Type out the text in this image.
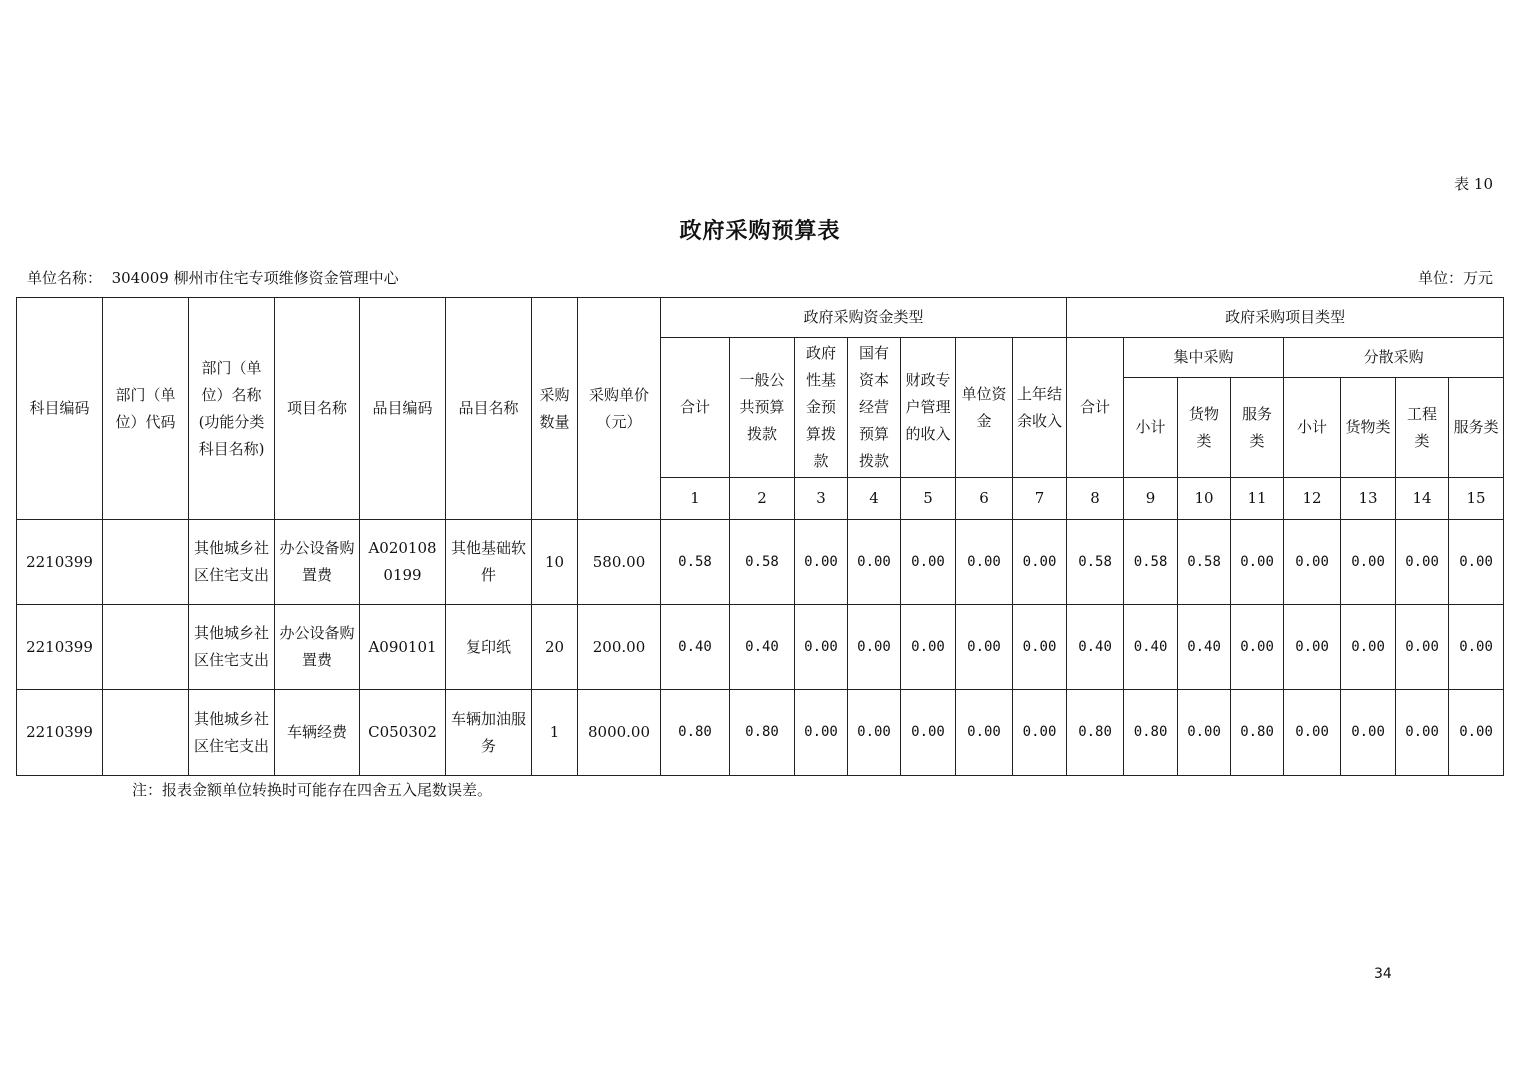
表 10
政府采购预算表
单位名称： 304009 柳州市住宅专项维修资金管理中心	单位：万元
科目编码	部门（单位）代码	部门（单位）名称(功能分类科目名称)	项目名称	品目编码	品目名称	采购数量	采购单价（元）	政府采购资金类型							政府采购项目类型							
								合计	一般公共预算拨款	政府性基金预算拨款	国有资本经营预算拨款	财政专户管理的收入	单位资金	上年结余收入	合计	集中采购			分散采购			
																小计	货物类	服务类	小计	货物类	工程类	服务类
								1	2	3	4	5	6	7	8	9	10	11	12	13	14	15
2210399		其他城乡社区住宅支出	办公设备购置费	A0201080199	其他基础软件	10	580.00	0.58	0.58	0.00	0.00	0.00	0.00	0.00	0.58	0.58	0.58	0.00	0.00	0.00	0.00	0.00
2210399		其他城乡社区住宅支出	办公设备购置费	A090101	复印纸	20	200.00	0.40	0.40	0.00	0.00	0.00	0.00	0.00	0.40	0.40	0.40	0.00	0.00	0.00	0.00	0.00
2210399		其他城乡社区住宅支出	车辆经费	C050302	车辆加油服务	1	8000.00	0.80	0.80	0.00	0.00	0.00	0.00	0.00	0.80	0.80	0.00	0.80	0.00	0.00	0.00	0.00
注：报表金额单位转换时可能存在四舍五入尾数误差。
34
